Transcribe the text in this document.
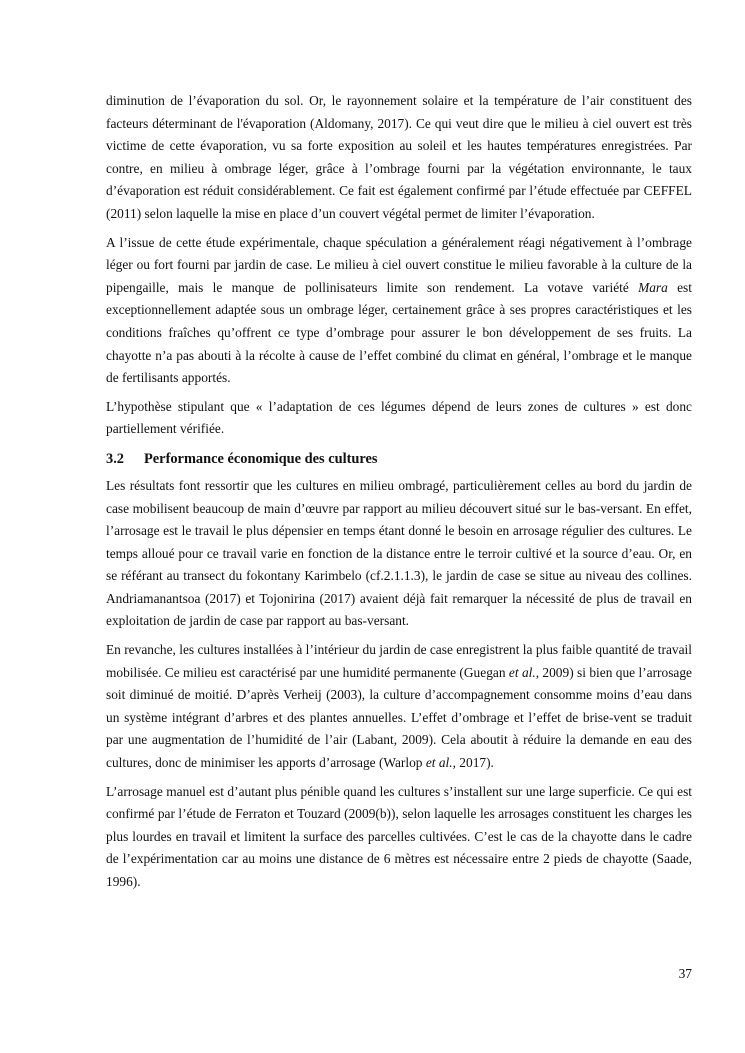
diminution de l’évaporation du sol. Or, le rayonnement solaire et la température de l’air constituent des facteurs déterminant de l'évaporation (Aldomany, 2017). Ce qui veut dire que le milieu à ciel ouvert est très victime de cette évaporation, vu sa forte exposition au soleil et les hautes températures enregistrées. Par contre, en milieu à ombrage léger, grâce à l’ombrage fourni par la végétation environnante, le taux d’évaporation est réduit considérablement. Ce fait est également confirmé par l’étude effectuée par CEFFEL (2011) selon laquelle la mise en place d’un couvert végétal permet de limiter l’évaporation.

A l’issue de cette étude expérimentale, chaque spéculation a généralement réagi négativement à l’ombrage léger ou fort fourni par jardin de case. Le milieu à ciel ouvert constitue le milieu favorable à la culture de la pipengaille, mais le manque de pollinisateurs limite son rendement. La votave variété Mara est exceptionnellement adaptée sous un ombrage léger, certainement grâce à ses propres caractéristiques et les conditions fraîches qu’offrent ce type d’ombrage pour assurer le bon développement de ses fruits. La chayotte n’a pas abouti à la récolte à cause de l’effet combiné du climat en général, l’ombrage et le manque de fertilisants apportés.

L’hypothèse stipulant que « l’adaptation de ces légumes dépend de leurs zones de cultures » est donc partiellement vérifiée.

3.2 Performance économique des cultures

Les résultats font ressortir que les cultures en milieu ombragé, particulièrement celles au bord du jardin de case mobilisent beaucoup de main d’œuvre par rapport au milieu découvert situé sur le bas-versant. En effet, l’arrosage est le travail le plus dépensier en temps étant donné le besoin en arrosage régulier des cultures. Le temps alloué pour ce travail varie en fonction de la distance entre le terroir cultivé et la source d’eau. Or, en se référant au transect du fokontany Karimbelo (cf.2.1.1.3), le jardin de case se situe au niveau des collines. Andriamanantsoa (2017) et Tojonirina (2017) avaient déjà fait remarquer la nécessité de plus de travail en exploitation de jardin de case par rapport au bas-versant.

En revanche, les cultures installées à l’intérieur du jardin de case enregistrent la plus faible quantité de travail mobilisée. Ce milieu est caractérisé par une humidité permanente (Guegan et al., 2009) si bien que l’arrosage soit diminué de moitié. D’après Verheij (2003), la culture d’accompagnement consomme moins d’eau dans un système intégrant d’arbres et des plantes annuelles. L’effet d’ombrage et l’effet de brise-vent se traduit par une augmentation de l’humidité de l’air (Labant, 2009). Cela aboutit à réduire la demande en eau des cultures, donc de minimiser les apports d’arrosage (Warlop et al., 2017).

L’arrosage manuel est d’autant plus pénible quand les cultures s’installent sur une large superficie. Ce qui est confirmé par l’étude de Ferraton et Touzard (2009(b)), selon laquelle les arrosages constituent les charges les plus lourdes en travail et limitent la surface des parcelles cultivées. C’est le cas de la chayotte dans le cadre de l’expérimentation car au moins une distance de 6 mètres est nécessaire entre 2 pieds de chayotte (Saade, 1996).

37
